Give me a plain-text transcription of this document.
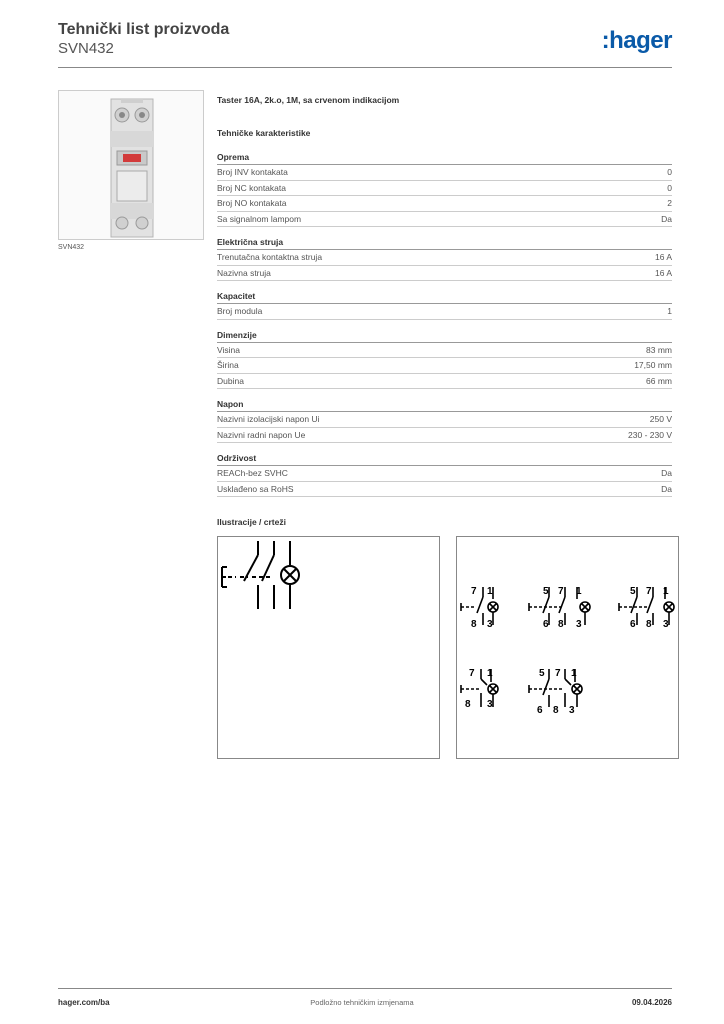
Tehnički list proizvoda
SVN432	:hager
SVN432
Taster 16A, 2k.o, 1M, sa crvenom indikacijom
Tehničke karakteristike
Oprema
Broj INV kontakata	0
Broj NC kontakata	0
Broj NO kontakata	2
Sa signalnom lampom	Da
Električna struja
Trenutačna kontaktna struja	16 A
Nazivna struja	16 A
Kapacitet
Broj modula	1
Dimenzije
Visina	83 mm
Širina	17,50 mm
Dubina	66 mm
Napon
Nazivni izolacijski napon Ui	250 V
Nazivni radni napon Ue	230 - 230 V
Održivost
REACh-bez SVHC	Da
Usklađeno sa RoHS	Da
Ilustracije / crteži
7 1
8 3
5 7 1
6 8 3
5 7 1
6 8 3
7 1
8 3
5 7 1
6 8 3
hager.com/ba	Podložno tehničkim izmjenama	09.04.2026
